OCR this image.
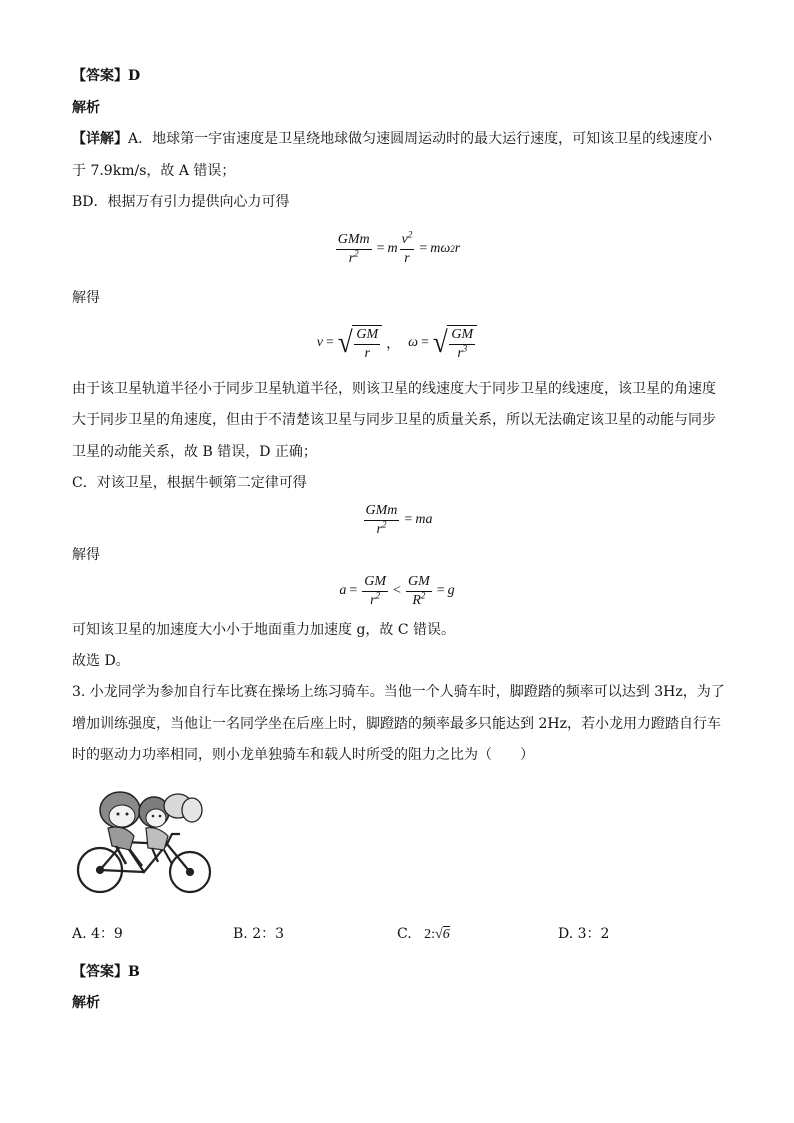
【答案】D
解析
【详解】A．地球第一宇宙速度是卫星绕地球做匀速圆周运动时的最大运行速度，可知该卫星的线速度小
于 7.9km/s，故 A 错误；
BD．根据万有引力提供向心力可得
$\frac{\text{GMm}}{r^2} = m \frac{v^2}{r} = m\omega$ 2 r
解得
v = √ $\frac{GM}{r}$ ， ω = √ $\frac{GM}{r^3}$
由于该卫星轨道半径小于同步卫星轨道半径，则该卫星的线速度大于同步卫星的线速度，该卫星的角速度
大于同步卫星的角速度，但由于不清楚该卫星与同步卫星的质量关系，所以无法确定该卫星的动能与同步
卫星的动能关系，故 B 错误，D 正确；
C．对该卫星，根据牛顿第二定律可得
$\frac{\text{GMm}}{r^2}$ = ma
解得
$a = \frac{GM}{r^2} < \frac{GM}{R^2} = g$
可知该卫星的加速度大小小于地面重力加速度 g，故 C 错误。
故选 D。
3. 小龙同学为参加自行车比赛在操场上练习骑车。当他一个人骑车时，脚蹬踏的频率可以达到 3Hz，为了
增加训练强度，当他让一名同学坐在后座上时，脚蹬踏的频率最多只能达到 2Hz，若小龙用力蹬踏自行车
时的驱动力功率相同，则小龙单独骑车和载人时所受的阻力之比为（　　）
A. 4：9	B. 2：3	C. 2:√6	D. 3：2
【答案】B
解析
